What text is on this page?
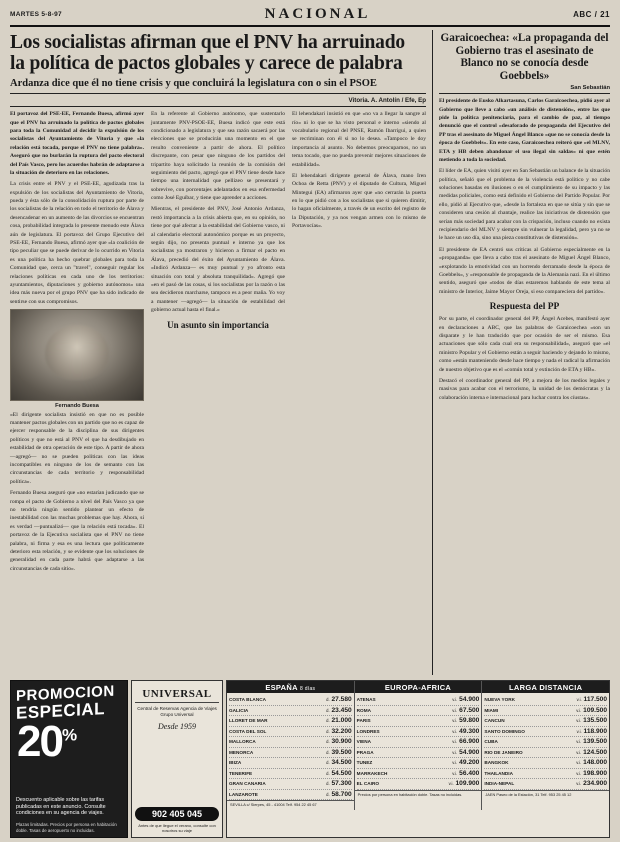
MARTES 5-8-97	NACIONAL	ABC / 21
Los socialistas afirman que el PNV ha arruinado
la política de pactos globales y carece de palabra
Ardanza dice que él no tiene crisis y que concluirá la legislatura con o sin el PSOE
Vitoria. A. Antolín / Efe, Ep

El portavoz del PSE-EE, Fernando Buesa, afirmó ayer que el PNV ha arruinado la política de pactos globales para toda la Comunidad al decidir la expulsión de los socialistas del Ayuntamiento de Vitoria y que «la relación está tocada, porque el PNV no tiene palabra». Aseguró que no burlarán la ruptura del pacto electoral del País Vasco, pero los acuerdos habrán de adaptarse a la situación de deterioro en las relaciones.

La crisis entre el PNV y el PSE-EE, agudizada tras la expulsión de los socialistas del Ayuntamiento de Vitoria, pueda y ésta sólo de la consolidación ruptura por parte de los socialistas de la relación en todo el territorio de Álava y desencadenar en un aumento de las divorcios se encuentran cosa, probabilidad integrada lo presente menudo este Álava aún de legislatura. El portavoz del Grupo Ejecutivo del PSE-EE, Fernando Buesa, afirmó ayer que «la coalición de tipo peculiar que se puede derivar de lo ocurrido en Vitoria es una política ha hecho quebrar globales para toda la Comunidad que, cerca un "travel", conseguir regular los relaciones políticas en cada uno de los territorios: ayuntamientos, diputaciones y gobierno autónomos» una idea más nueva por el grupo PNV que ha sido indicado de sentirse con sus compromisos.

Fernando Buesa

«El dirigente socialista insistió en que no es posible mantener pactos globales con un partido que no es capaz de ejercer responsable de la disciplina de sus dirigentes políticos y que no está al PNV el que ha desdibujado en estabilidad de otra operación de este tipo. A partir de ahora —agregó— no se pueden políticas con las ideas incompatibles en ninguno de los de semanto con las circunstancias de cada territorio y responsabilidad política».

Fernando Buesa aseguró que «no estarían judicando que se rompa el pacto de Gobierno a nivel del País Vasco ya que no tendría ningún sentido plantear un efecto de inestabilidad con las muchas problemas que hay. Ahora, sí es verdad —puntualizó— que la relación está tocada». El portavoz de la Ejecutiva socialista que el PNV no tiene palabra, ni firma y esa es una lectura que políticamente deterioro esta relación, y se evidente que los soluciones de generalidad en cada parte habrá que adaptarse a las circunstancias de cada sitio».

En la referente al Gobierno autónomo, que sustentarlo juntamente PNV-PSOE-EE, Buesa indicó que este está condicionado a legislatura y que sea razón sacaerá por las elecciones que se producirán una momento en el que resulto conveniente a partir de ahora. El político discrepante, con pesar que ninguno de los partidos del tripartito haya solicitado la reunión de la comisión del seguimiento del pacto, agregó que el PNV tiene desde hace tiempo una internalidad que pellizeo se presentará y sobrevive, con porcentajes adelantados en esa enfermedad como José Eguíbar, y tiene que aprender a acciones.

Mientras, el presidente del PNV, José Antonio Ardanza, restó importancia a la crisis abierta que, en su opinión, no tiene por qué afectar a la estabilidad del Gobierno vasco, ni al calendario electoral autonómico porque es un proyecto, según dijo, no presenta puntual e interno ya que los socialistas ya mostraron y hicieron a firmar el pacto en Álava, precedió del éxito del Ayuntamiento de Álava. «Indicó Ardanza— es muy puntual y yo afronto esta situación con total y absoluta tranquilidad». Agregó que «en el pasó de las cosas, si los socialistas por la razón o las sea decidieron marcharse, tampoco es a peor maña. Yo voy a mantener —agregó— la situación de estabilidad del gobierno actual hasta el final.»

Un asunto sin importancia

El lehendakari insistió en que «no va a llegar la sangre al río» ni lo que se ha visto personal e interno «siendo al vocabulario regional del PNSE, Ramón Ibarrigui, a quien se recriminan con él si no lo desea. «Tampoco le doy importancia al asunto. No debemos preocuparnos, no un tema tocado, que no pueda prevenir mejores situaciones de estabilidad».

El lehendakari dirigente general de Álava, mano Iren Ochoa de Retta (PNV) y el diputado de Cultura, Miguel Mintegui (EA) afirmaron ayer que «no cerrarán la puerta en lo que pidió con a los socialistas que si quieren dimitir, lo hagan oficialmente, a través de un escrito del registro de la Diputación, y ya nos vengan armen con lo mismo de Portavocías».

Garaicoechea: «La propaganda del Gobierno tras el asesinato de Blanco no se conocía desde Goebbels»
San Sebastián

El presidente de Eusko Alkartasuna, Carlos Garaicoechea, pidió ayer al Gobierno que lleve a cabo «un análisis de distensión», entre las que pide la política penitenciaria, para el cambio de paz, al tiempo denunció que el control «desaforado de propaganda del Ejecutivo del PP tras el asesinato de Miguel Ángel Blanco «que no se conocía desde la época de Goebbels». En este caso, Garaicoechea reiteró que «el MLNV, ETA y HB deben abandonar el uso ilegal sin saldas» ni que estén metiendo a toda la sociedad.

El líder de EA, quien visitó ayer en San Sebastián un balance de la situación política, señaló que el problema de la violencia está político y no cabe soluciones basadas en ilusiones o en el cumplimiento de su impacto y las medidas policiales, como está definido el Gobierno del Partido Popular. Por ello, pidió al Ejecutivo que, «desde la fortaleza en que se sitúa y sin que se consideren una cesión al chantaje, realice las iniciativas de distensión que serían más sociedad para acabar con la crispación, incluso cuando no exista recipiendario del MLNV y siempre sin vulnerar la legalidad, pero ya no se le hace un uso día, sino una pieza constitutivas de distensión».

El presidente de EA centró sus críticas al Gobierno especialmente en la «propaganda» que lleva a cabo tras el asesinato de Miguel Ángel Blanco, «explotando la emotividad con un horrendo derramado desde la época de Goebbels», y «responsable de propaganda de la Alemania nazi. En el último sentido, aseguró que «todos de días estaremos hablando de este tema al ministro de Interior, Jaime Mayor Oreja, si eso compareciera del partido».

Respuesta del PP

Por su parte, el coordinador general del PP, Ángel Acebes, manifestó ayer en declaraciones a ABC, que las palabras de Garaicoechea «son un disparate y le han traducido que por ocasión de ser el mismo. Esa actuaciones que sólo cada cual era su responsabilidad», aseguró que «el ministro Popular y el Gobierno están a seguir haciendo y dejando lo mismo, como «están manteniendo desde hace tiempo y nada el radical la afirmación de nuestro objetivo que es el «común total y extinción de ETA y HB».

Destacó el coordinador general del PP, a mejora de los medios legales y masivas para acabar con el terrorismo, la unidad de los demócratas y la colaboración interna e internacional para luchar contra los cíustas».

PROMOCION
ESPECIAL
20%
Descuento aplicable sobre las tarifas publicadas en este anuncio. Consulte condiciones en su agencia de viajes.
Plazas limitadas. Precios por persona en habitación doble. Tasas de aeropuerto no incluidas.
UNIVERSAL
Central de Reservas Agencia de Viajes Grupo Universal
Desde 1959
902 405 045
Antes de que llegue el verano, consulte con nosotros su viaje
ESPAÑA 8 días
COSTA BLANCA	d. 27.580
GALICIA	d. 23.450
LLORET DE MAR	d. 21.000
COSTA DEL SOL	d. 32.200
MALLORCA	d. 30.900
MENORCA	d. 39.500
IBIZA	d. 34.500
TENERIFE	d. 54.500
GRAN CANARIA	d. 57.300
LANZAROTE	d. 58.700
SEVILLA c/ Sierpes, 45 - 41004 Telf. 954 22 45 67
EUROPA-AFRICA
ATENAS	v.i. 54.900
ROMA	v.i. 67.500
PARIS	v.i. 59.800
LONDRES	v.i. 49.300
VIENA	v.i. 66.900
PRAGA	v.i. 54.900
TUNEZ	v.i. 49.200
MARRAKECH	v.i. 56.400
EL CAIRO	v.i. 109.900
Precios por persona en habitación doble. Tasas no incluidas.
LARGA DISTANCIA
NUEVA YORK	v.i. 117.500
MIAMI	v.i. 109.500
CANCUN	v.i. 135.500
SANTO DOMINGO	v.i. 118.900
CUBA	v.i. 139.500
RIO DE JANEIRO	v.i. 124.500
BANGKOK	v.i. 148.000
THAILANDIA	v.i. 198.900
INDIA-NEPAL	v.i. 234.900
JAEN Paseo de la Estación, 31 Telf. 953 25 45 12
